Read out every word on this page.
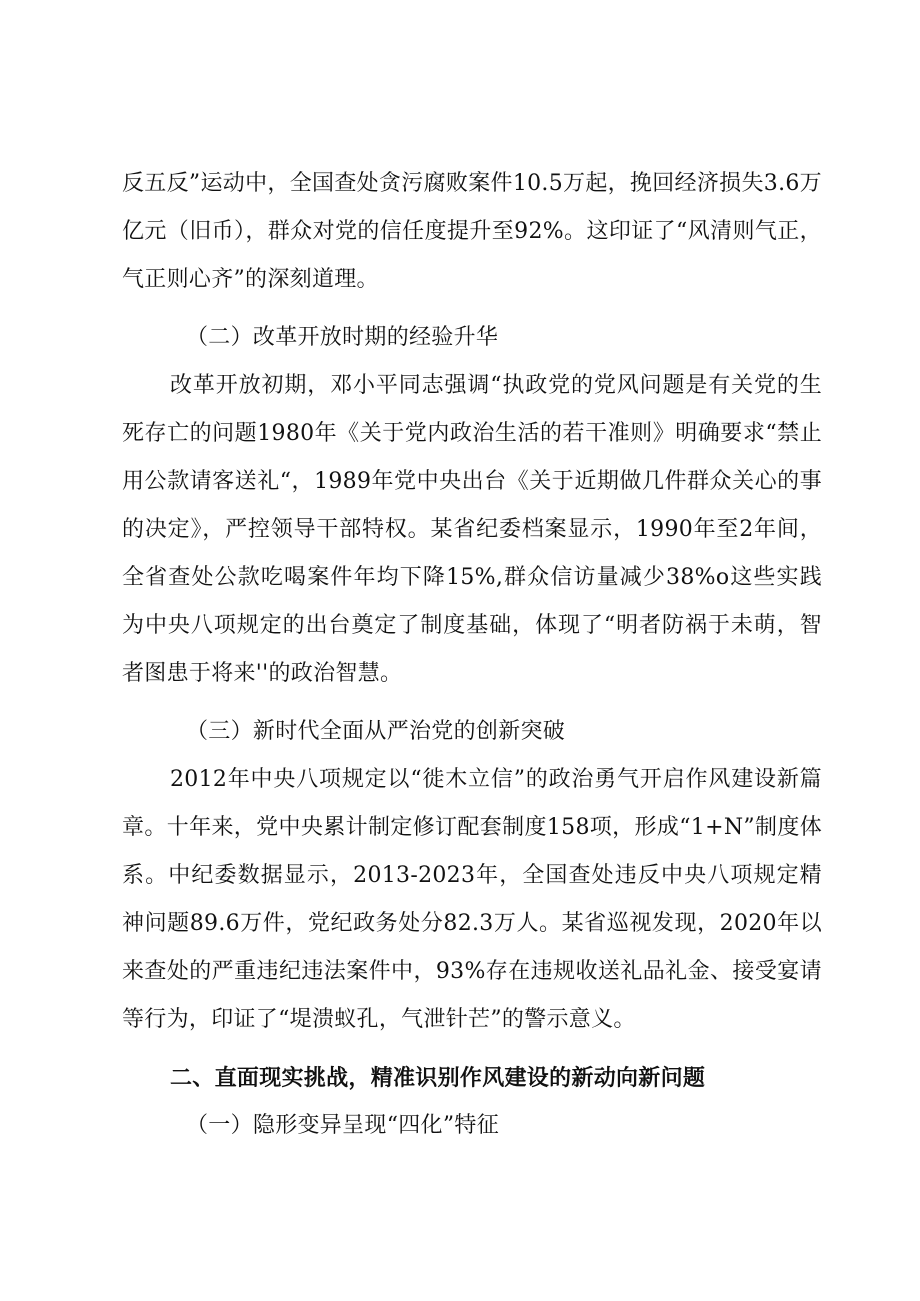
反五反”运动中，全国查处贪污腐败案件10.5万起，挽回经济损失3.6万亿元（旧币），群众对党的信任度提升至92%。这印证了“风清则气正，气正则心齐”的深刻道理。

（二）改革开放时期的经验升华

改革开放初期，邓小平同志强调“执政党的党风问题是有关党的生死存亡的问题1980年《关于党内政治生活的若干准则》明确要求“禁止用公款请客送礼“，1989年党中央出台《关于近期做几件群众关心的事的决定》，严控领导干部特权。某省纪委档案显示，1990年至2年间，全省查处公款吃喝案件年均下降15%,群众信访量减少38%o这些实践为中央八项规定的出台奠定了制度基础，体现了“明者防祸于未萌，智者图患于将来''的政治智慧。

（三）新时代全面从严治党的创新突破

2012年中央八项规定以“徙木立信”的政治勇气开启作风建设新篇章。十年来，党中央累计制定修订配套制度158项，形成“1+N”制度体系。中纪委数据显示，2013-2023年，全国查处违反中央八项规定精神问题89.6万件，党纪政务处分82.3万人。某省巡视发现，2020年以来查处的严重违纪违法案件中，93%存在违规收送礼品礼金、接受宴请等行为，印证了“堤溃蚁孔，气泄针芒”的警示意义。

二、直面现实挑战，精准识别作风建设的新动向新问题

（一）隐形变异呈现“四化”特征
